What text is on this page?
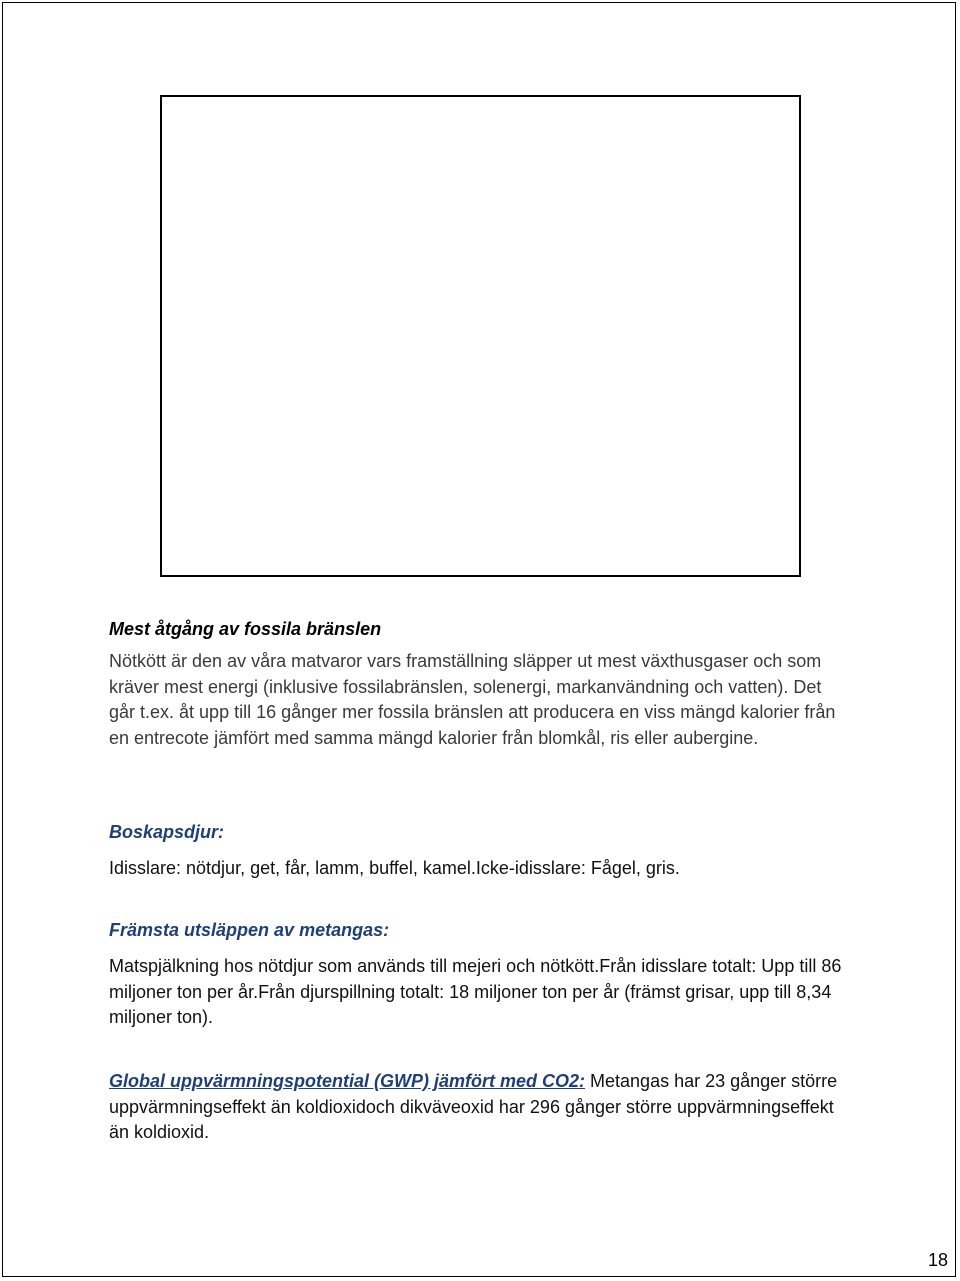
Mest åtgång av fossila bränslen

Nötkött är den av våra matvaror vars framställning släpper ut mest växthusgaser och som kräver mest energi (inklusive fossilabränslen, solenergi, markanvändning och vatten). Det går t.ex. åt upp till 16 gånger mer fossila bränslen att producera en viss mängd kalorier från en entrecote jämfört med samma mängd kalorier från blomkål, ris eller aubergine.

Boskapsdjur:

Idisslare: nötdjur, get, får, lamm, buffel, kamel.Icke-idisslare: Fågel, gris.

Främsta utsläppen av metangas:

Matspjälkning hos nötdjur som används till mejeri och nötkött.Från idisslare totalt: Upp till 86 miljoner ton per år.Från djurspillning totalt: 18 miljoner ton per år (främst grisar, upp till 8,34 miljoner ton).

Global uppvärmningspotential (GWP) jämfört med CO2: Metangas har 23 gånger större uppvärmningseffekt än koldioxidoch dikväveoxid har 296 gånger större uppvärmningseffekt än koldioxid.

18
